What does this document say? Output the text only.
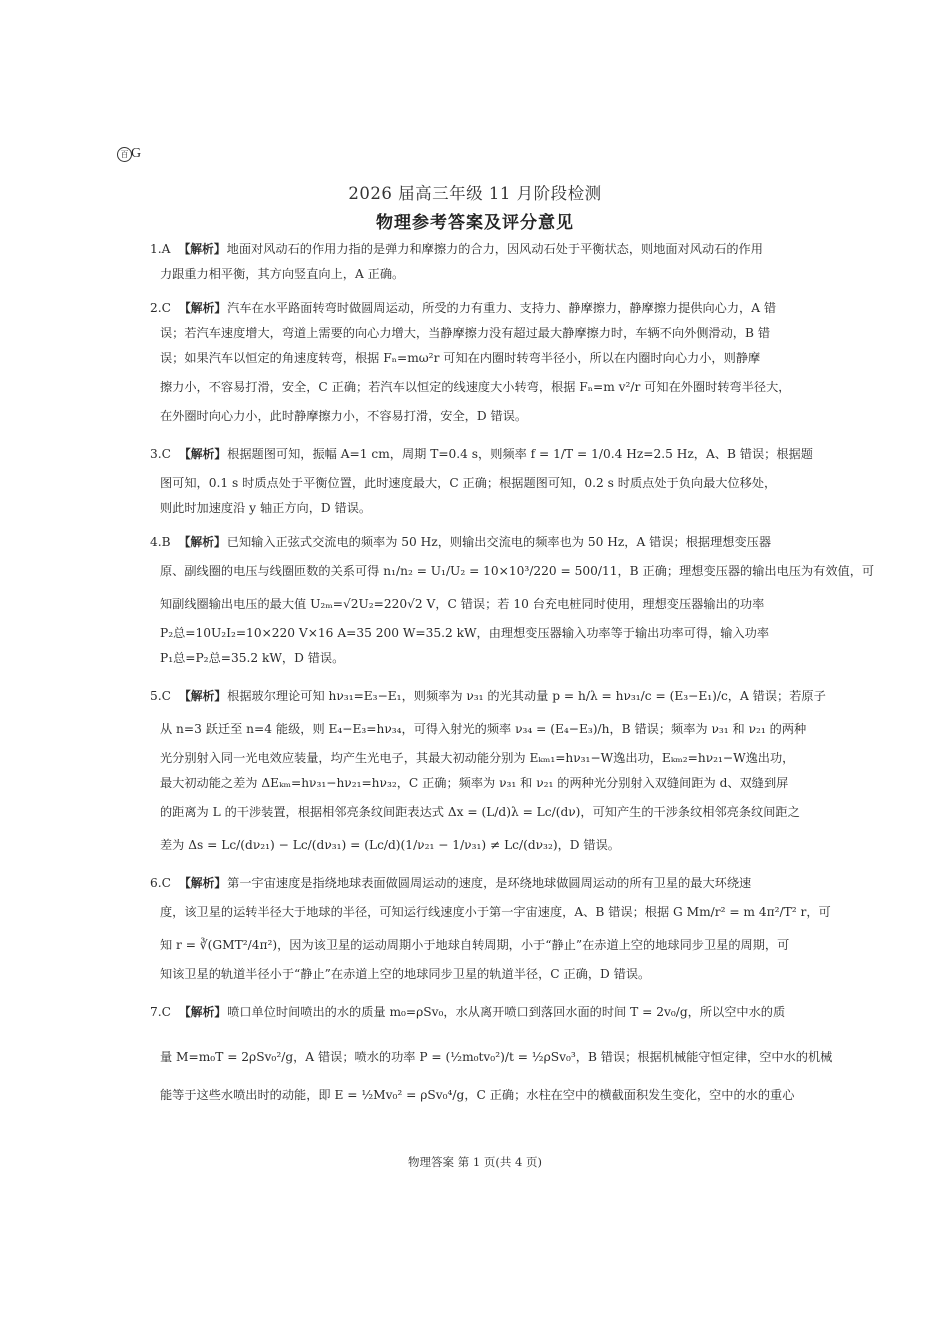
百 G
2026 届高三年级 11 月阶段检测
物理参考答案及评分意见
1.A 【解析】地面对风动石的作用力指的是弹力和摩擦力的合力，因风动石处于平衡状态，则地面对风动石的作用
力跟重力相平衡，其方向竖直向上，A 正确。
2.C 【解析】汽车在水平路面转弯时做圆周运动，所受的力有重力、支持力、静摩擦力，静摩擦力提供向心力，A 错
误；若汽车速度增大，弯道上需要的向心力增大，当静摩擦力没有超过最大静摩擦力时，车辆不向外侧滑动，B 错
误；如果汽车以恒定的角速度转弯，根据 Fₙ=mω²r 可知在内圈时转弯半径小，所以在内圈时向心力小，则静摩
擦力小，不容易打滑，安全，C 正确；若汽车以恒定的线速度大小转弯，根据 Fₙ=m v²/r 可知在外圈时转弯半径大，
在外圈时向心力小，此时静摩擦力小，不容易打滑，安全，D 错误。
3.C 【解析】根据题图可知，振幅 A=1 cm，周期 T=0.4 s，则频率 f = 1/T = 1/0.4 Hz=2.5 Hz，A、B 错误；根据题
图可知，0.1 s 时质点处于平衡位置，此时速度最大，C 正确；根据题图可知，0.2 s 时质点处于负向最大位移处，
则此时加速度沿 y 轴正方向，D 错误。
4.B 【解析】已知输入正弦式交流电的频率为 50 Hz，则输出交流电的频率也为 50 Hz，A 错误；根据理想变压器
原、副线圈的电压与线圈匝数的关系可得 n₁/n₂ = U₁/U₂ = 10×10³/220 = 500/11，B 正确；理想变压器的输出电压为有效值，可
知副线圈输出电压的最大值 U₂ₘ=√2U₂=220√2 V，C 错误；若 10 台充电桩同时使用，理想变压器输出的功率
P₂总=10U₂I₂=10×220 V×16 A=35 200 W=35.2 kW，由理想变压器输入功率等于输出功率可得，输入功率
P₁总=P₂总=35.2 kW，D 错误。
5.C 【解析】根据玻尔理论可知 hν₃₁=E₃−E₁，则频率为 ν₃₁ 的光其动量 p = h/λ = hν₃₁/c = (E₃−E₁)/c，A 错误；若原子
从 n=3 跃迁至 n=4 能级，则 E₄−E₃=hν₃₄，可得入射光的频率 ν₃₄ = (E₄−E₃)/h，B 错误；频率为 ν₃₁ 和 ν₂₁ 的两种
光分别射入同一光电效应装量，均产生光电子，其最大初动能分别为 Eₖₘ₁=hν₃₁−W逸出功，Eₖₘ₂=hν₂₁−W逸出功，
最大初动能之差为 ΔEₖₘ=hν₃₁−hν₂₁=hν₃₂，C 正确；频率为 ν₃₁ 和 ν₂₁ 的两种光分别射入双缝间距为 d、双缝到屏
的距离为 L 的干涉装置，根据相邻亮条纹间距表达式 Δx = (L/d)λ = Lc/(dν)，可知产生的干涉条纹相邻亮条纹间距之
差为 Δs = Lc/(dν₂₁) − Lc/(dν₃₁) = (Lc/d)(1/ν₂₁ − 1/ν₃₁) ≠ Lc/(dν₃₂)，D 错误。
6.C 【解析】第一宇宙速度是指绕地球表面做圆周运动的速度，是环绕地球做圆周运动的所有卫星的最大环绕速
度，该卫星的运转半径大于地球的半径，可知运行线速度小于第一宇宙速度，A、B 错误；根据 G Mm/r² = m 4π²/T² r，可
知 r = ∛(GMT²/4π²)，因为该卫星的运动周期小于地球自转周期，小于“静止”在赤道上空的地球同步卫星的周期，可
知该卫星的轨道半径小于“静止”在赤道上空的地球同步卫星的轨道半径，C 正确，D 错误。
7.C 【解析】喷口单位时间喷出的水的质量 m₀=ρSv₀，水从离开喷口到落回水面的时间 T = 2v₀/g，所以空中水的质
量 M=m₀T = 2ρSv₀²/g，A 错误；喷水的功率 P = (½m₀tv₀²)/t = ½ρSv₀³，B 错误；根据机械能守恒定律，空中水的机械
能等于这些水喷出时的动能，即 E = ½Mv₀² = ρSv₀⁴/g，C 正确；水柱在空中的横截面积发生变化，空中的水的重心
物理答案 第 1 页(共 4 页)
